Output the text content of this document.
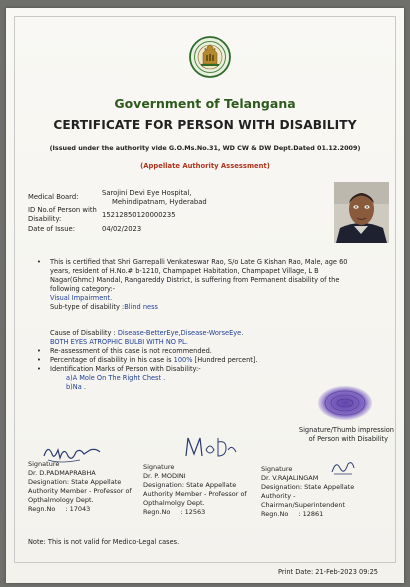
Government of Telangana
CERTIFICATE FOR PERSON WITH DISABILITY
(Issued under the authority vide G.O.Ms.No.31, WD CW & DW Dept.Dated 01.12.2009)
(Appellate Authority Assessment)
Medical Board:	Sarojini Devi Eye Hospital,
Mehindipatnam, Hyderabad
ID No.of Person with
Disability:	15212850120000235
Date of Issue:	04/02/2023
• This is certified that Shri Garrepalli Venkateswar Rao, S/o Late G Kishan Rao, Male, age 60
years, resident of H.No.# b-1210, Champapet Habitation, Champapet Village, L B
Nagar(Ghmc) Mandal, Rangareddy District, is suffering from Permanent disability of the
following category:-
Visual Impairment.
Sub-type of disability :Blind ness
Cause of Disability : Disease-BetterEye,Disease-WorseEye.
BOTH EYES ATROPHIC BULBI WITH NO PL.
• Re-assessment of this case is not recommended.
• Percentage of disability in his case is 100% [Hundred percent].
• Identification Marks of Person with Disability:-
a)A Mole On The Right Chest .
b)Na .
Signature/Thumb impression
of Person with Disability
Signature
Dr. D.PADMAPRABHA
Designation: State Appellate
Authority Member - Professor of
Opthalmology Dept.
Regn.No : 17043
Signature
Dr. P. MODINI
Designation: State Appellate
Authority Member - Professor of
Opthalmolgy Dept.
Regn.No : 12563
Signature
Dr. V.RAJALINGAM
Designation: State Appellate
Authority -
Chairman/Superintendent
Regn.No : 12861
Note: This is not valid for Medico-Legal cases.
Print Date: 21-Feb-2023 09:25
